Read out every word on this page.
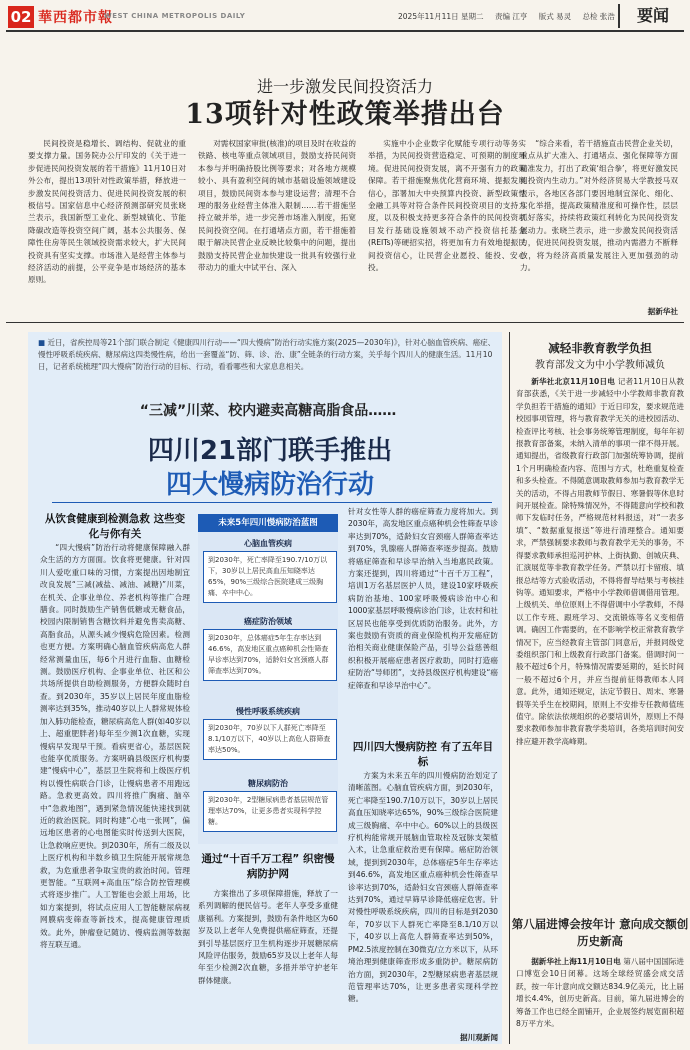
02 華西都市報
WEST CHINA METROPOLIS DAILY	2025年11月11日 星期二 责编 江亨 版式 易灵 总检 张浩	要闻
进一步激发民间投资活力
13项针对性政策举措出台

民间投资是稳增长、调结构、促就业的重要支撑力量。国务院办公厅印发的《关于进一步促进民间投资发展的若干措施》11月10日对外公布，提出13项针对性政策举措，释放进一步激发民间投资活力、促进民间投资发展的积极信号。国家信息中心经济预测部研究员张晓兰表示，我国新型工业化、新型城镇化、节能降碳改造等投资空间广阔，基本公共服务、保障性住房等民生领域投资需求较大，扩大民间投资具有坚实支撑。市场准入是经营主体参与经济活动的前提，公平竞争是市场经济的基本原则。

对需权国家审批(核准)的项目及时在收益的铁路、核电等重点领域项目，鼓励支持民间资本参与并明确持股比例等要求；对各地方规模较小、具有盈利空间的城市基础设施领域建设项目，鼓励民间资本参与建设运营；清理不合理的服务业经营主体准入限制……若干措施坚持立破并举，进一步完善市场准入制度，拓宽民间投资空间。在打通堵点方面，若干措施着眼于解决民营企业反映比较集中的问题，提出鼓励支持民营企业加快建设一批具有较强行业带动力的重大中试平台、深入

实施中小企业数字化赋能专项行动等务实举措，为民间投资营造稳定、可预期的制度环境。促进民间投资发展，离不开强有力的政策保障。若干措施聚焦优化营商环境、提振发展信心，部署加大中央预算内投资、新型政策性金融工具等对符合条件民间投资项目的支持力度，以及积极支持更多符合条件的民间投资项目发行基础设施领域不动产投资信托基金(REITs)等硬招实招，将更加有力有效地提振民间投资信心，让民营企业愿投、能投、安心投。

“综合来看，若干措施直击民营企业关切，重点从扩大准入、打通堵点、强化保障等方面精准发力，打出了政策‘组合拳’，将更好激发民间投资内生动力。”对外经济贸易大学教授马双表示，各地区各部门要因地制宜深化、细化、实化举措，提高政策精准度和可操作性，层层抓好落实，持续将政策红利转化为民间投资发展动力。张晓兰表示，进一步激发民间投资活力，促进民间投资发展，推动内需潜力不断释放，将为经济高质量发展注入更加强劲的动力。

据新华社

■ 近日，省疾控局等21个部门联合制定《健康四川行动——“四大慢病”防治行动实施方案(2025—2030年)》，针对心脑血管疾病、癌症、慢性呼吸系统疾病、糖尿病这四类慢性病，给出一套覆盖“防、筛、诊、治、康”全链条的行动方案，关乎每个四川人的健康生活。11月10日，记者系统梳理“四大慢病”防治行动的目标、行动，看看哪些和大家息息相关。
“三减”川菜、校内避卖高糖高脂食品……
四川21部门联手推出
四大慢病防治行动
从饮食健康到检测急救 这些变化与你有关

“四大慢病”防治行动将健康保障融入群众生活的方方面面。饮食将更健康。针对四川人爱吃重口味的习惯，方案提出因地制宜改良发展“三减(减盐、减油、减糖)”川菜，在机关、企事业单位、养老机构等推广合理膳食。同时鼓励生产销售低糖或无糖食品，校园内限制销售含糖饮料并避免售卖高糖、高脂食品，从源头减少慢病危险因素。检测也更方便。方案明确心脑血管疾病高危人群经常测量血压，每6个月进行血脂、血糖检测。鼓励医疗机构、企事业单位、社区和公共场所提供自助检测服务，方便群众随时自查。到2030年，35岁以上居民年度血脂检测率达到35%，推动40岁以上人群常规体检加入肺功能检查，糖尿病高危人群(如40岁以上、超重肥胖者)每年至少测1次血糖，实现慢病早发现早干预。看病更省心，基层医院也能享优质服务。方案明确县级医疗机构要建“慢病中心”，基层卫生院将和上级医疗机构以慢性病联合门诊，让慢病患者不用跑远路。急救更高效。四川将推广胸痛、脑卒中“急救地图”，遇到紧急情况能快速找到就近的救治医院。同时构建“心电一张网”，偏远地区患者的心电图能实时传送到大医院，让急救响应更快。到2030年，所有二级及以上医疗机构和半数乡镇卫生院能开展常规急救，为危重患者争取宝贵的救治时间。管理更智能。“互联网+高血压”综合防控管理模式将逐步推广。人工智能也会派上用场，比如方案提到，将试点应用人工智能糖尿病视网膜病变筛查等新技术，提高健康管理质效。此外，肿瘤登记随访、慢病监测等数据将互联互通。

未来5年四川慢病防治蓝图
心脑血管疾病
到2030年，死亡率降至190.7/10万以下，30岁以上居民高血压知晓率达65%，90%三级综合医院建成三级胸痛、卒中中心。
癌症防治领域
到2030年，总体癌症5年生存率达到46.6%，高发地区重点癌种机会性筛查早诊率达到70%，适龄妇女宫颈癌人群筛查率达到70%。
慢性呼吸系统疾病
到2030年，70岁以下人群死亡率降至8.1/10万以下，40岁以上高危人群筛查率达50%。
糖尿病防治
到2030年，2型糖尿病患者基层规范管理率达70%，让更多患者实现科学控糖。
通过“十百千万工程” 织密慢病防护网

方案推出了多项保障措施，释放了一系列调解的便民信号。老年人享受多重健康福利。方案提到，鼓励有条件地区为60岁及以上老年人免费提供癌症筛查，还提到引导基层医疗卫生机构逐步开展糖尿病风险评估服务，鼓励65岁及以上老年人每年至少检测2次血糖，多措并举守护老年群体健康。

针对女性等人群的癌症筛查力度将加大。到2030年，高发地区重点癌种机会性筛查早诊率达到70%，适龄妇女宫颈癌人群筛查率达到70%，乳腺癌人群筛查率逐步提高。鼓励将癌症筛查和早诊早治纳入当地惠民政策。方案还提到，四川将通过“十百千万工程”，培训1万名基层医护人员，建设10家呼吸疾病防治基地、100家呼吸慢病诊治中心和1000家基层呼吸慢病诊治门诊，让农村和社区居民也能享受到优质防治服务。此外，方案也鼓励有资质的商业保险机构开发癌症防治相关商业健康保险产品，引导公益慈善组织积极开展癌症患者医疗救助，同时打造癌症防治“导师团”，支持县级医疗机构建设“癌症筛查和早诊早治中心”。

四川四大慢病防控 有了五年目标

方案为未来五年的四川慢病防治划定了清晰蓝图。心脑血管疾病方面，到2030年，死亡率降至190.7/10万以下，30岁以上居民高血压知晓率达65%，90%三级综合医院建成三级胸痛、卒中中心。60%以上的县级医疗机构能常规开展脑血管取栓及冠脉支架植入术，让急重症救治更有保障。癌症防治领域，提到到2030年，总体癌症5年生存率达到46.6%，高发地区重点癌种机会性筛查早诊率达到70%，适龄妇女宫颈癌人群筛查率达到70%，通过早筛早诊降低癌症危害。针对慢性呼吸系统疾病，四川的目标是到2030年，70岁以下人群死亡率降至8.1/10万以下，40岁以上高危人群筛查率达到50%，PM2.5浓度控制在30微克/立方米以下，从环境治理到健康筛查形成多重防护。糖尿病防治方面，到2030年，2型糖尿病患者基层规范管理率达70%，让更多患者实现科学控糖。

据川观新闻
减轻非教育教学负担
教育部发文为中小学教师减负

新华社北京11月10日电 记者11月10日从教育部获悉，《关于进一步减轻中小学教师非教育教学负担若干措施的通知》于近日印发，要求规范进校园事项管理，将与教育教学无关的进校园活动、检查评比考核、社会事务统筹管理制度，每年年初报教育部备案，未纳入清单的事项一律不得开展。通知提出，省级教育行政部门加强统筹协调，提前1个月明确检查内容、范围与方式，杜绝重复检查和多头检查。不得随意调取教师参加与教育教学无关的活动，不得占用教师节假日、寒暑假等休息时间开展检查。除特殊情况外，不得随意向学校和教师下发临时任务，严格规范材料报送，对“一表多填”、“数据重复报送”等进行清理整合。通知要求，严禁强制要求教师与教育教学无关的事务，不得要求教师承担巡河护林、上街执勤、创城庆典、汇演展览等非教育教学任务。严禁以打卡留痕、填报总结等方式验收活动，不得将督导结果与考核挂钩等。通知要求，严格中小学教师借调借用管理。上级机关、单位原则上不得借调中小学教师，不得以工作专班、跟班学习、交流锻炼等名义变相借调。确因工作需要的，在不影响学校正常教育教学情况下，应当经教育主管部门同意后，并报同级党委组织部门和上级教育行政部门备案。借调时间一般不超过6个月，特殊情况需要延期的，延长时间一般不超过6个月，并应当提前征得教师本人同意。此外，通知还规定，法定节假日、周末、寒暑假等关乎生在校期间，原则上不安排专任教师值班值守。除依法依规组织的必要培训外，原则上不得要求教师参加非教育教学类培训，各类培训时间安排应避开教学高峰期。

第八届进博会按年计 意向成交额创历史新高

据新华社上海11月10日电 第八届中国国际进口博览会10日闭幕。这场全球经贸盛会成交活跃，按一年计意向成交额达834.9亿美元，比上届增长4.4%，创历史新高。目前，第九届进博会的筹备工作也已经全面铺开，企业展签约展览面积超8万平方米。
